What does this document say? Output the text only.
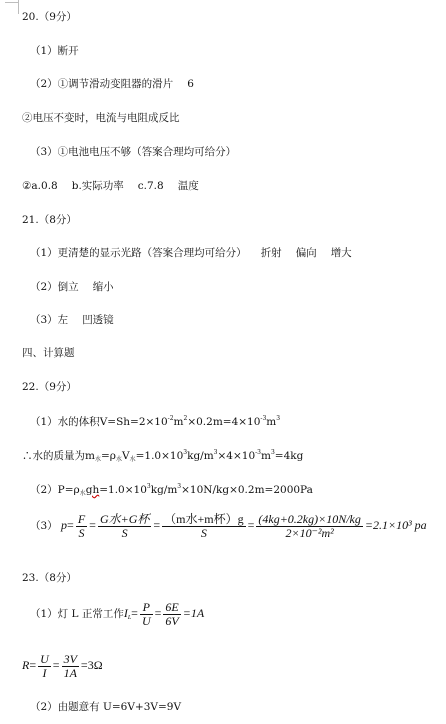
20.（9分）
（1）断开
（2）①调节滑动变阻器的滑片 6
②电压不变时，电流与电阻成反比
（3）①电池电压不够（答案合理均可给分）
②a.0.8 b.实际功率 c.7.8 温度
21.（8分）
（1）更清楚的显示光路（答案合理均可给分） 折射 偏向 增大
（2）倒立 缩小
（3）左 凹透镜
四、计算题
22.（9分）
（1）水的体积$V=Sh=2\times 10^{-2}m^2\times 0.2m=4\times 10^{-3}m^3$
∴水的质量为$m_水=\rho_水V_水=1.0\times 10^3kg/m^3\times 4\times 10^{-3}m^3=4kg$
$(2)P=\rho_水gh=1.0\times 10^3kg/m^3\times 10N/kg\times 0.2m=2000Pa$
（3） $p= \frac{F}{S} = \frac{\text{G水+G杯}}{S} = \frac{\text{（m水+m杯）g}}{S} = \frac{(4kg+0.2kg)\times 10N/kg}{\text{2×10⁻²m²}} =2.1\times 10^3$ pa
23.（8分）
（1）灯 L 正常工作$I_L= \frac{P}{U} = \frac{6E}{6V} =1A$
$R= \frac{U}{I} = \frac{3V}{1A} =3\Omega$
（2）由题意有 U=6V+3V=9V
